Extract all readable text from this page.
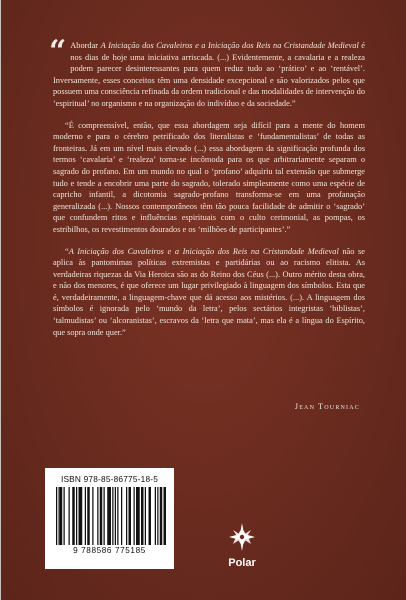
“ Abordar A Iniciação dos Cavaleiros e a Iniciação dos Reis na Cristandade Medieval é nos dias de hoje uma iniciativa arriscada. (...) Evidentemente, a cavalaria e a realeza podem parecer desinteressantes para quem reduz tudo ao ‘prático’ e ao ‘rentável’. Inversamente, esses conceitos têm uma densidade excepcional e são valorizados pelos que possuem uma consciência refinada da ordem tradicional e das modalidades de intervenção do ‘espiritual’ no organismo e na organização do indivíduo e da sociedade.”

“É compreensível, então, que essa abordagem seja difícil para a mente do homem moderno e para o cérebro petrificado dos literalistas e ‘fundamentalistas’ de todas as fronteiras. Já em um nível mais elevado (...) essa abordagem da significação profunda dos termos ‘cavalaria’ e ‘realeza’ torna-se incômoda para os que arbitrariamente separam o sagrado do profano. Em um mundo no qual o ‘profano’ adquiriu tal extensão que submerge tudo e tende a encobrir uma parte do sagrado, tolerado simplesmente como uma espécie de capricho infantil, a dicotomia sagrado-profano transforma-se em uma profanação generalizada (...). Nossos contemporâneos têm tão pouca facilidade de admitir o ‘sagrado’ que confundem ritos e influências espirituais com o culto cerimonial, as pompas, os estribilhos, os revestimentos dourados e os ‘milhões de participantes’.”

“A Iniciação dos Cavaleiros e a Iniciação dos Reis na Cristandade Medieval não se aplica às pantomimas políticas extremistas e partidárias ou ao racismo elitista. As verdadeiras riquezas da Via Heroica são as do Reino dos Céus (...). Outro mérito desta obra, e não dos menores, é que oferece um lugar privilegiado à linguagem dos símbolos. Esta que é, verdadeiramente, a linguagem-chave que dá acesso aos mistérios. (...). A linguagem dos símbolos é ignorada pelo ‘mundo da letra’, pelos sectários integristas ‘biblistas’, ‘talmudistas’ ou ‘alcoranistas’, escravos da ‘letra que mata’, mas ela é a língua do Espírito, que sopra onde quer.”

Jean Tourniac
ISBN 978-85-86775-18-5
9 788586 775185
Polar
